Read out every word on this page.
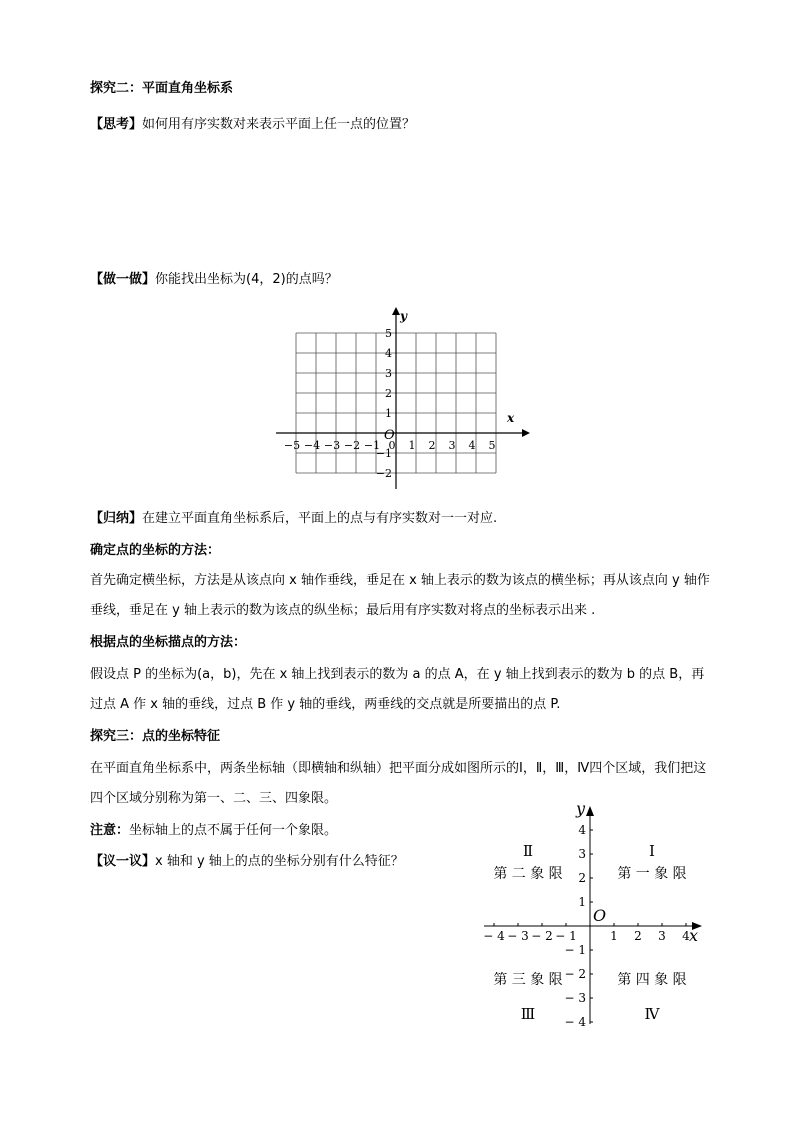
探究二：平面直角坐标系
【思考】如何用有序实数对来表示平面上任一点的位置？
【做一做】你能找出坐标为(4，2)的点吗？
−5 −4 −3 −2 −1 0 1 2 3 4 5
5
4
3
2
1
−1
−2
x
y
O
【归纳】在建立平面直角坐标系后，平面上的点与有序实数对一一对应.
确定点的坐标的方法：
首先确定横坐标，方法是从该点向 x 轴作垂线，垂足在 x 轴上表示的数为该点的横坐标；再从该点向 y 轴作垂线，垂足在 y 轴上表示的数为该点的纵坐标；最后用有序实数对将点的坐标表示出来 .
根据点的坐标描点的方法：
假设点 P 的坐标为(a，b)，先在 x 轴上找到表示的数为 a 的点 A，在 y 轴上找到表示的数为 b 的点 B，再过点 A 作 x 轴的垂线，过点 B 作 y 轴的垂线，两垂线的交点就是所要描出的点 P.
探究三：点的坐标特征
在平面直角坐标系中，两条坐标轴（即横轴和纵轴）把平面分成如图所示的Ⅰ，Ⅱ，Ⅲ，Ⅳ四个区域，我们把这四个区域分别称为第一、二、三、四象限。
注意：坐标轴上的点不属于任何一个象限。
【议一议】x 轴和 y 轴上的点的坐标分别有什么特征？
− 4 − 3 − 2 − 1	1 2 3 4
4
3
2
1
− 1
− 2
− 3
− 4
y
x
O
Ⅰ
第 一 象 限
Ⅱ
第 二 象 限
第 三 象 限
Ⅲ
第 四 象 限
Ⅳ
